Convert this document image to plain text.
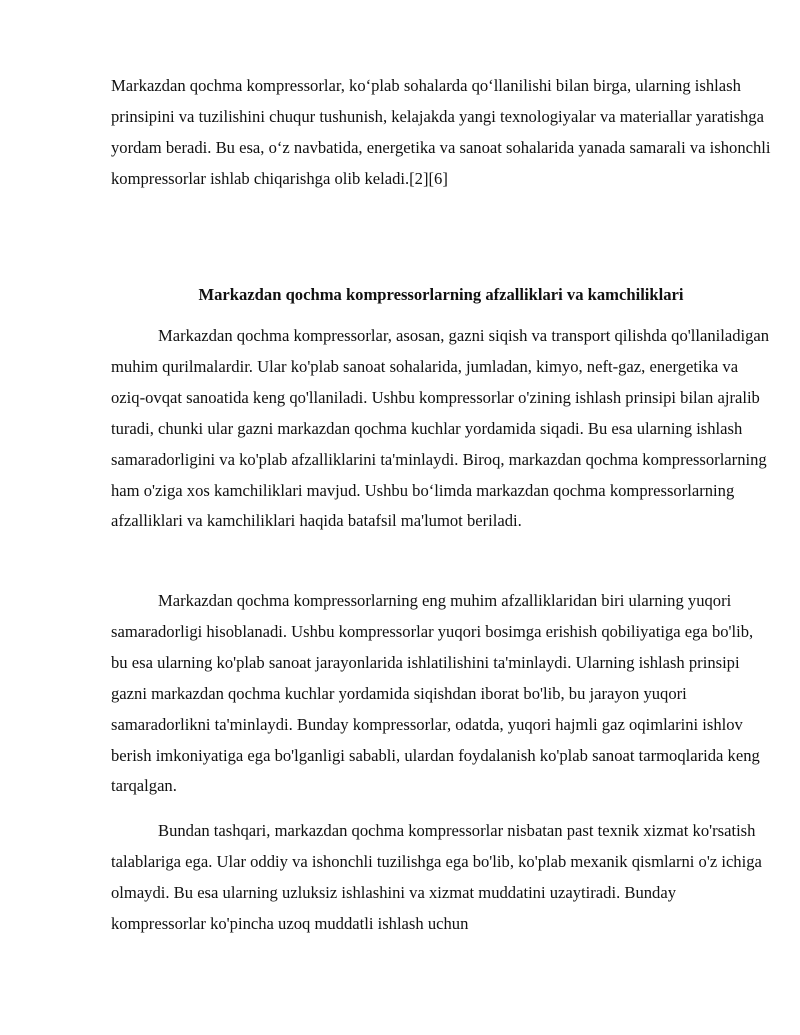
Markazdan qochma kompressorlar, ko‘plab sohalarda qo‘llanilishi bilan birga, ularning ishlash prinsipini va tuzilishini chuqur tushunish, kelajakda yangi texnologiyalar va materiallar yaratishga yordam beradi. Bu esa, o‘z navbatida, energetika va sanoat sohalarida yanada samarali va ishonchli kompressorlar ishlab chiqarishga olib keladi.[2][6]

Markazdan qochma kompressorlarning afzalliklari va kamchiliklari

Markazdan qochma kompressorlar, asosan, gazni siqish va transport qilishda qo'llaniladigan muhim qurilmalardir. Ular ko'plab sanoat sohalarida, jumladan, kimyo, neft-gaz, energetika va oziq-ovqat sanoatida keng qo'llaniladi. Ushbu kompressorlar o'zining ishlash prinsipi bilan ajralib turadi, chunki ular gazni markazdan qochma kuchlar yordamida siqadi. Bu esa ularning ishlash samaradorligini va ko'plab afzalliklarini ta'minlaydi. Biroq, markazdan qochma kompressorlarning ham o'ziga xos kamchiliklari mavjud. Ushbu bo‘limda markazdan qochma kompressorlarning afzalliklari va kamchiliklari haqida batafsil ma'lumot beriladi.

Markazdan qochma kompressorlarning eng muhim afzalliklaridan biri ularning yuqori samaradorligi hisoblanadi. Ushbu kompressorlar yuqori bosimga erishish qobiliyatiga ega bo'lib, bu esa ularning ko'plab sanoat jarayonlarida ishlatilishini ta'minlaydi. Ularning ishlash prinsipi gazni markazdan qochma kuchlar yordamida siqishdan iborat bo'lib, bu jarayon yuqori samaradorlikni ta'minlaydi. Bunday kompressorlar, odatda, yuqori hajmli gaz oqimlarini ishlov berish imkoniyatiga ega bo'lganligi sababli, ulardan foydalanish ko'plab sanoat tarmoqlarida keng tarqalgan.

Bundan tashqari, markazdan qochma kompressorlar nisbatan past texnik xizmat ko'rsatish talablariga ega. Ular oddiy va ishonchli tuzilishga ega bo'lib, ko'plab mexanik qismlarni o'z ichiga olmaydi. Bu esa ularning uzluksiz ishlashini va xizmat muddatini uzaytiradi. Bunday kompressorlar ko'pincha uzoq muddatli ishlash uchun
